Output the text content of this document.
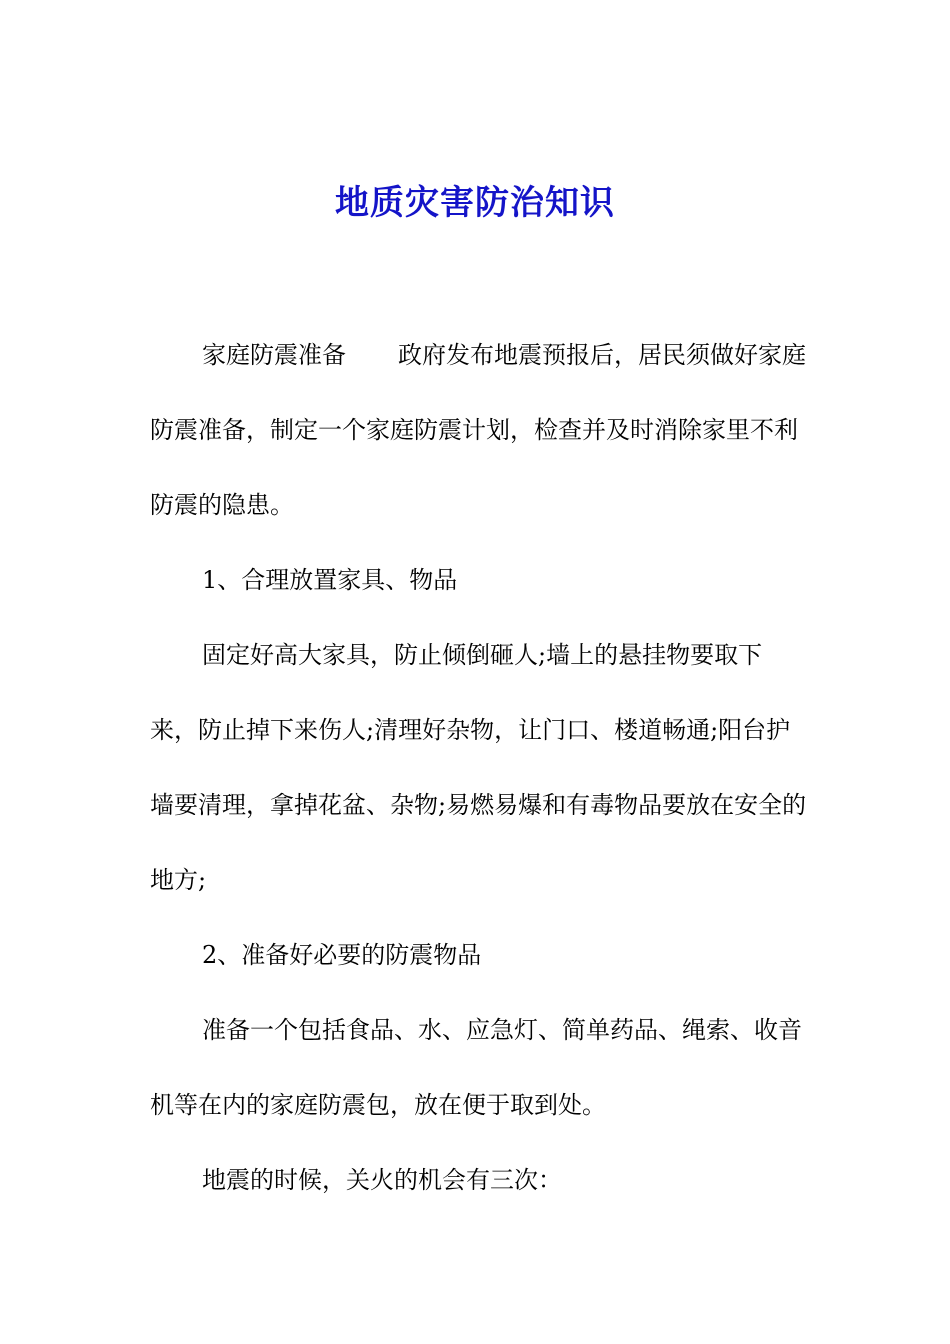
地质灾害防治知识

家庭防震准备 政府发布地震预报后，居民须做好家庭防震准备，制定一个家庭防震计划，检查并及时消除家里不利防震的隐患。

1、合理放置家具、物品

固定好高大家具，防止倾倒砸人;墙上的悬挂物要取下来，防止掉下来伤人;清理好杂物，让门口、楼道畅通;阳台护墙要清理，拿掉花盆、杂物;易燃易爆和有毒物品要放在安全的地方;

2、准备好必要的防震物品

准备一个包括食品、水、应急灯、简单药品、绳索、收音机等在内的家庭防震包，放在便于取到处。

地震的时候，关火的机会有三次：
